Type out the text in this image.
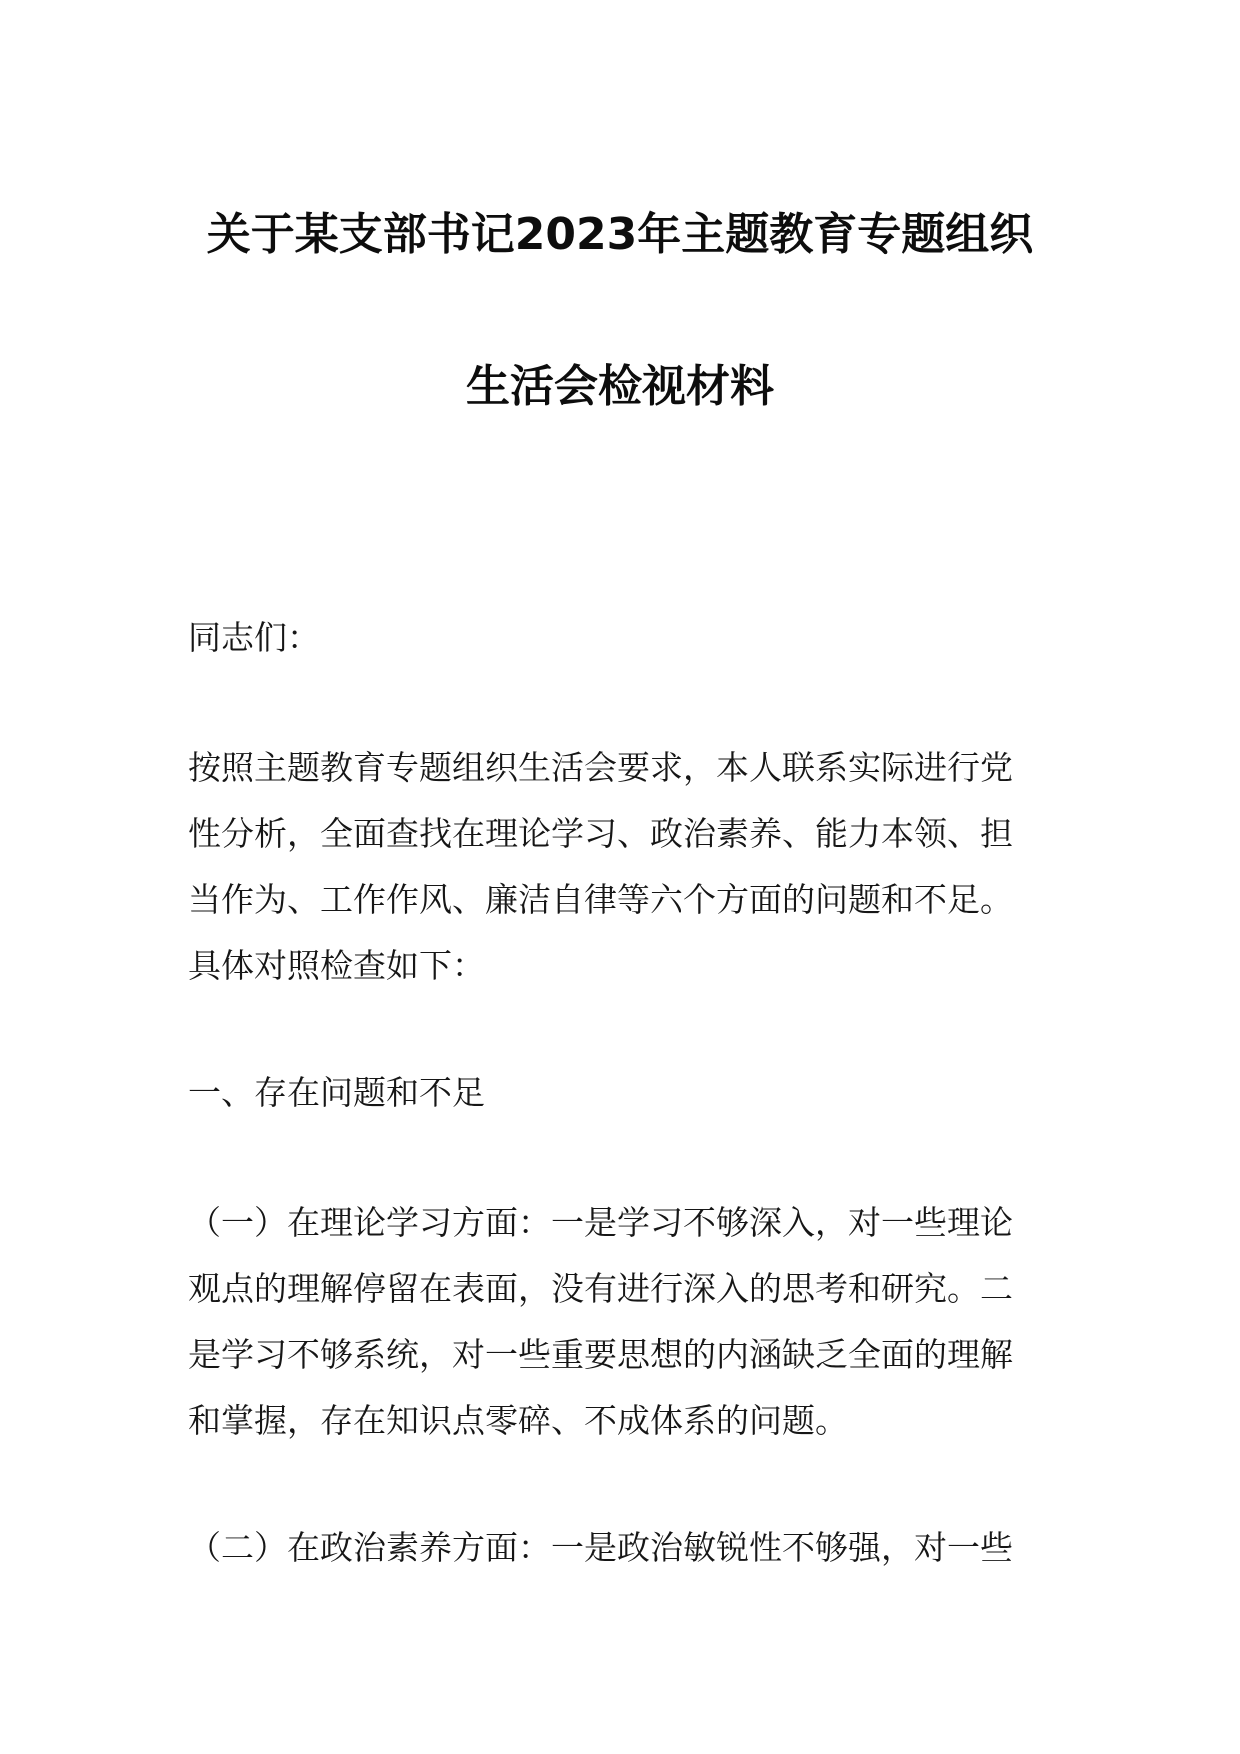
关于某支部书记2023年主题教育专题组织
生活会检视材料

同志们：

按照主题教育专题组织生活会要求，本人联系实际进行党
性分析，全面查找在理论学习、政治素养、能力本领、担
当作为、工作作风、廉洁自律等六个方面的问题和不足。
具体对照检查如下：

一、存在问题和不足

（一）在理论学习方面：一是学习不够深入，对一些理论
观点的理解停留在表面，没有进行深入的思考和研究。二
是学习不够系统，对一些重要思想的内涵缺乏全面的理解
和掌握，存在知识点零碎、不成体系的问题。
（二）在政治素养方面：一是政治敏锐性不够强，对一些
